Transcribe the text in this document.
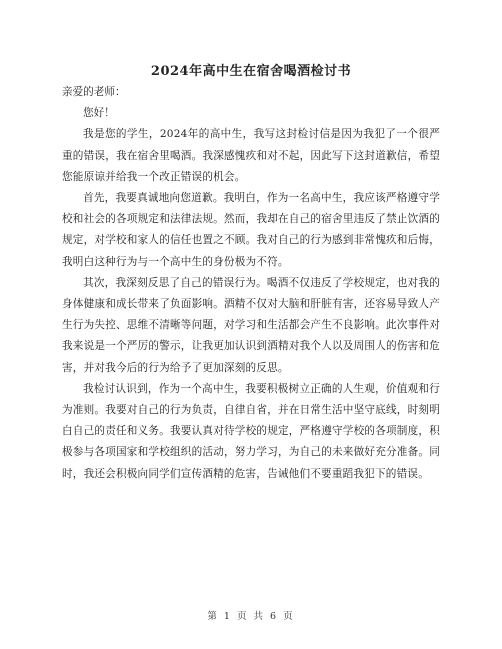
2024年高中生在宿舍喝酒检讨书

亲爱的老师：

您好！

我是您的学生，2024年的高中生，我写这封检讨信是因为我犯了一个很严重的错误，我在宿舍里喝酒。我深感愧疚和对不起，因此写下这封道歉信，希望您能原谅并给我一个改正错误的机会。

首先，我要真诚地向您道歉。我明白，作为一名高中生，我应该严格遵守学校和社会的各项规定和法律法规。然而，我却在自己的宿舍里违反了禁止饮酒的规定，对学校和家人的信任也置之不顾。我对自己的行为感到非常愧疚和后悔，我明白这种行为与一个高中生的身份极为不符。

其次，我深刻反思了自己的错误行为。喝酒不仅违反了学校规定，也对我的身体健康和成长带来了负面影响。酒精不仅对大脑和肝脏有害，还容易导致人产生行为失控、思维不清晰等问题，对学习和生活都会产生不良影响。此次事件对我来说是一个严厉的警示，让我更加认识到酒精对我个人以及周围人的伤害和危害，并对我今后的行为给予了更加深刻的反思。

我检讨认识到，作为一个高中生，我要积极树立正确的人生观，价值观和行为准则。我要对自己的行为负责，自律自省，并在日常生活中坚守底线，时刻明白自己的责任和义务。我要认真对待学校的规定，严格遵守学校的各项制度，积极参与各项国家和学校组织的活动，努力学习，为自己的未来做好充分准备。同时，我还会积极向同学们宣传酒精的危害，告诫他们不要重蹈我犯下的错误。

第 1 页 共 6 页
